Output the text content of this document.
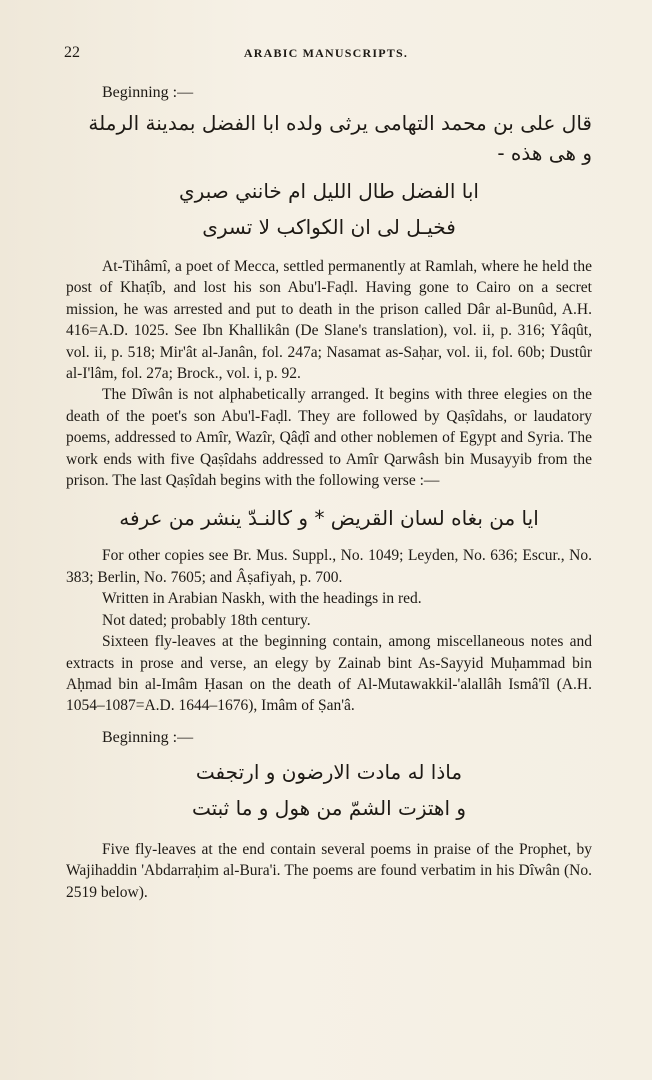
22	ARABIC MANUSCRIPTS.
Beginning :—
قال علی بن محمد التهامی يرثی ولده ابا الفضل بمدينة الرملة
و هی هذه -
ابا الفضل طال الليل ام خانني صبري
فخيـل لی ان الكواكب لا تسری

At-Tihâmî, a poet of Mecca, settled permanently at Ramlah, where he held the post of Khaṭîb, and lost his son Abu'l-Faḍl. Having gone to Cairo on a secret mission, he was arrested and put to death in the prison called Dâr al-Bunûd, A.H. 416=A.D. 1025. See Ibn Khallikân (De Slane's translation), vol. ii, p. 316; Yâqût, vol. ii, p. 518; Mir'ât al-Janân, fol. 247a; Nasamat as-Saḥar, vol. ii, fol. 60b; Dustûr al-I'lâm, fol. 27a; Brock., vol. i, p. 92.

The Dîwân is not alphabetically arranged. It begins with three elegies on the death of the poet's son Abu'l-Faḍl. They are followed by Qaṣîdahs, or laudatory poems, addressed to Amîr, Wazîr, Qâḍî and other noblemen of Egypt and Syria. The work ends with five Qaṣîdahs addressed to Amîr Qarwâsh bin Musayyib from the prison. The last Qaṣîdah begins with the following verse :—

ايا من بغاه لسان القريض * و كالنـدّ ينشر من عرفه

For other copies see Br. Mus. Suppl., No. 1049; Leyden, No. 636; Escur., No. 383; Berlin, No. 7605; and Âṣafiyah, p. 700.

Written in Arabian Naskh, with the headings in red.

Not dated; probably 18th century.

Sixteen fly-leaves at the beginning contain, among miscellaneous notes and extracts in prose and verse, an elegy by Zainab bint As-Sayyid Muḥammad bin Aḥmad bin al-Imâm Ḥasan on the death of Al-Mutawakkil-'alallâh Ismâ'îl (A.H. 1054–1087=A.D. 1644–1676), Imâm of Ṣan'â.

Beginning :—
ماذا له مادت الارضون و ارتجفت
و اهتزت الشمّ من هول و ما ثبتت

Five fly-leaves at the end contain several poems in praise of the Prophet, by Wajihaddin 'Abdarraḥim al-Bura'i. The poems are found verbatim in his Dîwân (No. 2519 below).
